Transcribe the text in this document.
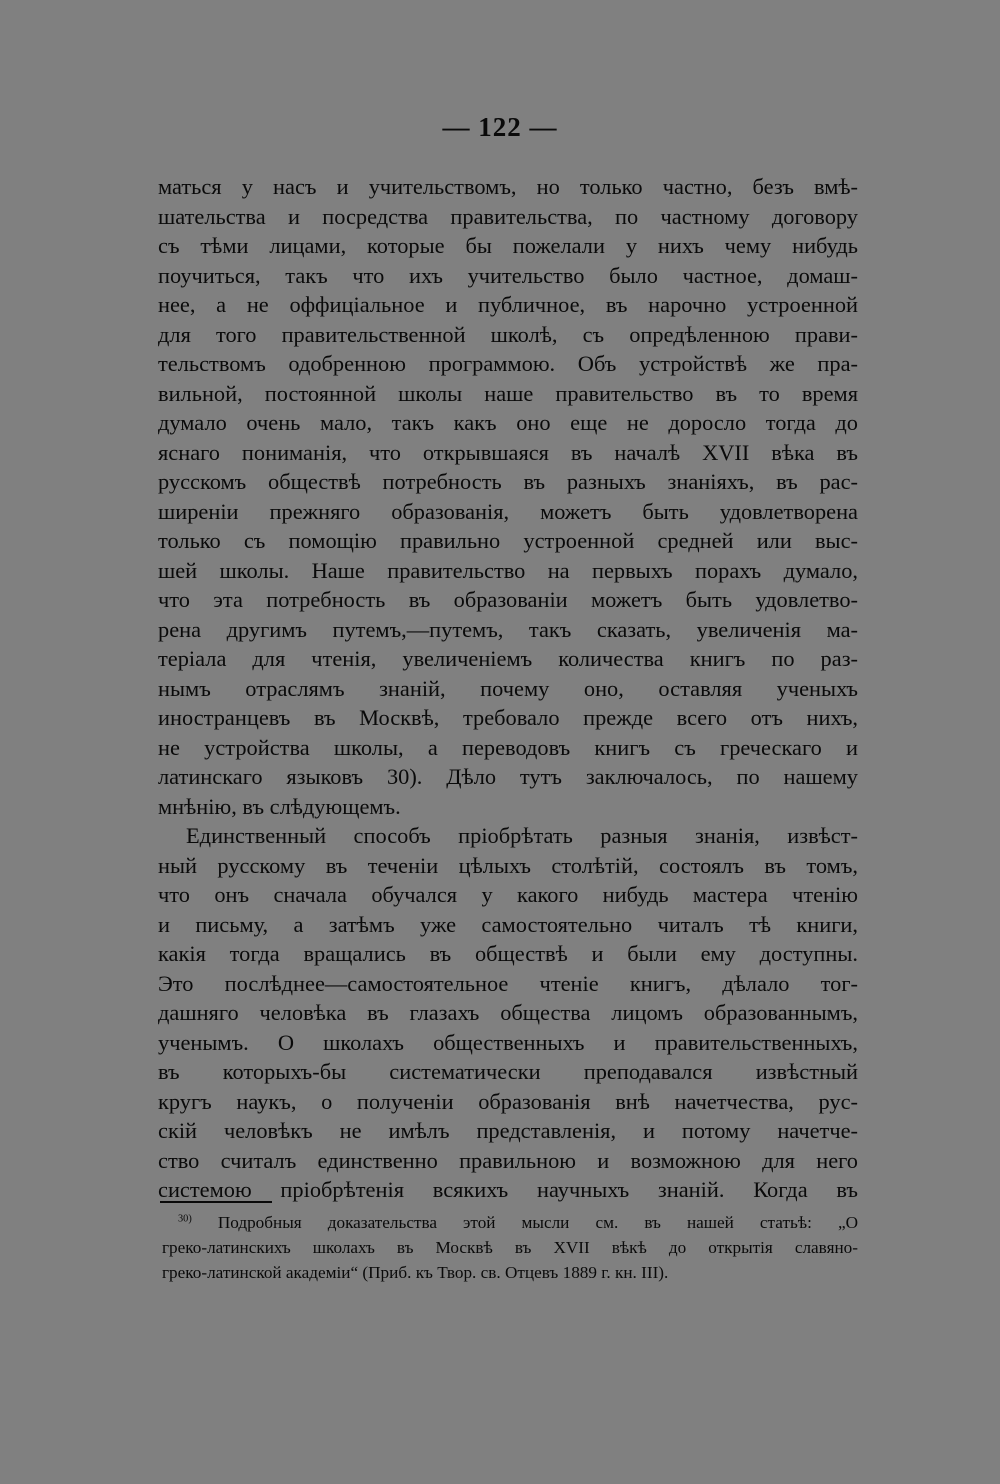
— 122 —
маться у насъ и учительствомъ, но только частно, безъ вмѣ-
шательства и посредства правительства, по частному договору
съ тѣми лицами, которые бы пожелали у нихъ чему нибудь
поучиться, такъ что ихъ учительство было частное, домаш-
нее, а не оффиціальное и публичное, въ нарочно устроенной
для того правительственной школѣ, съ опредѣленною прави-
тельствомъ одобренною программою. Объ устройствѣ же пра-
вильной, постоянной школы наше правительство въ то время
думало очень мало, такъ какъ оно еще не доросло тогда до
яснаго пониманія, что открывшаяся въ началѣ XVII вѣка въ
русскомъ обществѣ потребность въ разныхъ знаніяхъ, въ рас-
ширеніи прежняго образованія, можетъ быть удовлетворена
только съ помощію правильно устроенной средней или выс-
шей школы. Наше правительство на первыхъ порахъ думало,
что эта потребность въ образованіи можетъ быть удовлетво-
рена другимъ путемъ,—путемъ, такъ сказать, увеличенія ма-
теріала для чтенія, увеличеніемъ количества книгъ по раз-
нымъ отраслямъ знаній, почему оно, оставляя ученыхъ
иностранцевъ въ Москвѣ, требовало прежде всего отъ нихъ,
не устройства школы, а переводовъ книгъ съ греческаго и
латинскаго языковъ 30). Дѣло тутъ заключалось, по нашему
мнѣнію, въ слѣдующемъ.
Единственный способъ пріобрѣтать разныя знанія, извѣст-
ный русскому въ теченіи цѣлыхъ столѣтій, состоялъ въ томъ,
что онъ сначала обучался у какого нибудь мастера чтенію
и письму, а затѣмъ уже самостоятельно читалъ тѣ книги,
какія тогда вращались въ обществѣ и были ему доступны.
Это послѣднее—самостоятельное чтеніе книгъ, дѣлало тог-
дашняго человѣка въ глазахъ общества лицомъ образованнымъ,
ученымъ. О школахъ общественныхъ и правительственныхъ,
въ которыхъ-бы систематически преподавался извѣстный
кругъ наукъ, о полученіи образованія внѣ начетчества, рус-
скій человѣкъ не имѣлъ представленія, и потому начетче-
ство считалъ единственно правильною и возможною для него
системою пріобрѣтенія всякихъ научныхъ знаній. Когда въ
$^{30)}$ Подробныя доказательства этой мысли см. въ нашей статьѣ: „О
греко-латинскихъ школахъ въ Москвѣ въ XVII вѣкѣ до открытія славяно-
греко-латинской академіи“ (Приб. къ Твор. св. Отцевъ 1889 г. кн. III).
